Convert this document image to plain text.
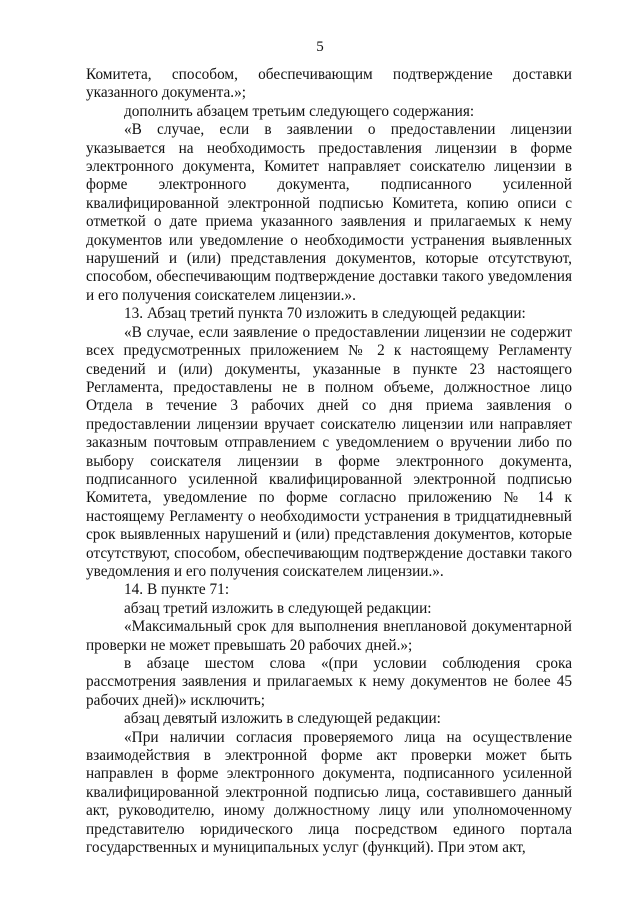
5

Комитета, способом, обеспечивающим подтверждение доставки указанного документа.»;

дополнить абзацем третьим следующего содержания:

«В случае, если в заявлении о предоставлении лицензии указывается на необходимость предоставления лицензии в форме электронного документа, Комитет направляет соискателю лицензии в форме электронного документа, подписанного усиленной квалифицированной электронной подписью Комитета, копию описи с отметкой о дате приема указанного заявления и прилагаемых к нему документов или уведомление о необходимости устранения выявленных нарушений и (или) представления документов, которые отсутствуют, способом, обеспечивающим подтверждение доставки такого уведомления и его получения соискателем лицензии.».

13. Абзац третий пункта 70 изложить в следующей редакции:

«В случае, если заявление о предоставлении лицензии не содержит всех предусмотренных приложением № 2 к настоящему Регламенту сведений и (или) документы, указанные в пункте 23 настоящего Регламента, предоставлены не в полном объеме, должностное лицо Отдела в течение 3 рабочих дней со дня приема заявления о предоставлении лицензии вручает соискателю лицензии или направляет заказным почтовым отправлением с уведомлением о вручении либо по выбору соискателя лицензии в форме электронного документа, подписанного усиленной квалифицированной электронной подписью Комитета, уведомление по форме согласно приложению № 14 к настоящему Регламенту о необходимости устранения в тридцатидневный срок выявленных нарушений и (или) представления документов, которые отсутствуют, способом, обеспечивающим подтверждение доставки такого уведомления и его получения соискателем лицензии.».

14. В пункте 71:

абзац третий изложить в следующей редакции:

«Максимальный срок для выполнения внеплановой документарной проверки не может превышать 20 рабочих дней.»;

в абзаце шестом слова «(при условии соблюдения срока рассмотрения заявления и прилагаемых к нему документов не более 45 рабочих дней)» исключить;

абзац девятый изложить в следующей редакции:

«При наличии согласия проверяемого лица на осуществление взаимодействия в электронной форме акт проверки может быть направлен в форме электронного документа, подписанного усиленной квалифицированной электронной подписью лица, составившего данный акт, руководителю, иному должностному лицу или уполномоченному представителю юридического лица посредством единого портала государственных и муниципальных услуг (функций). При этом акт,
